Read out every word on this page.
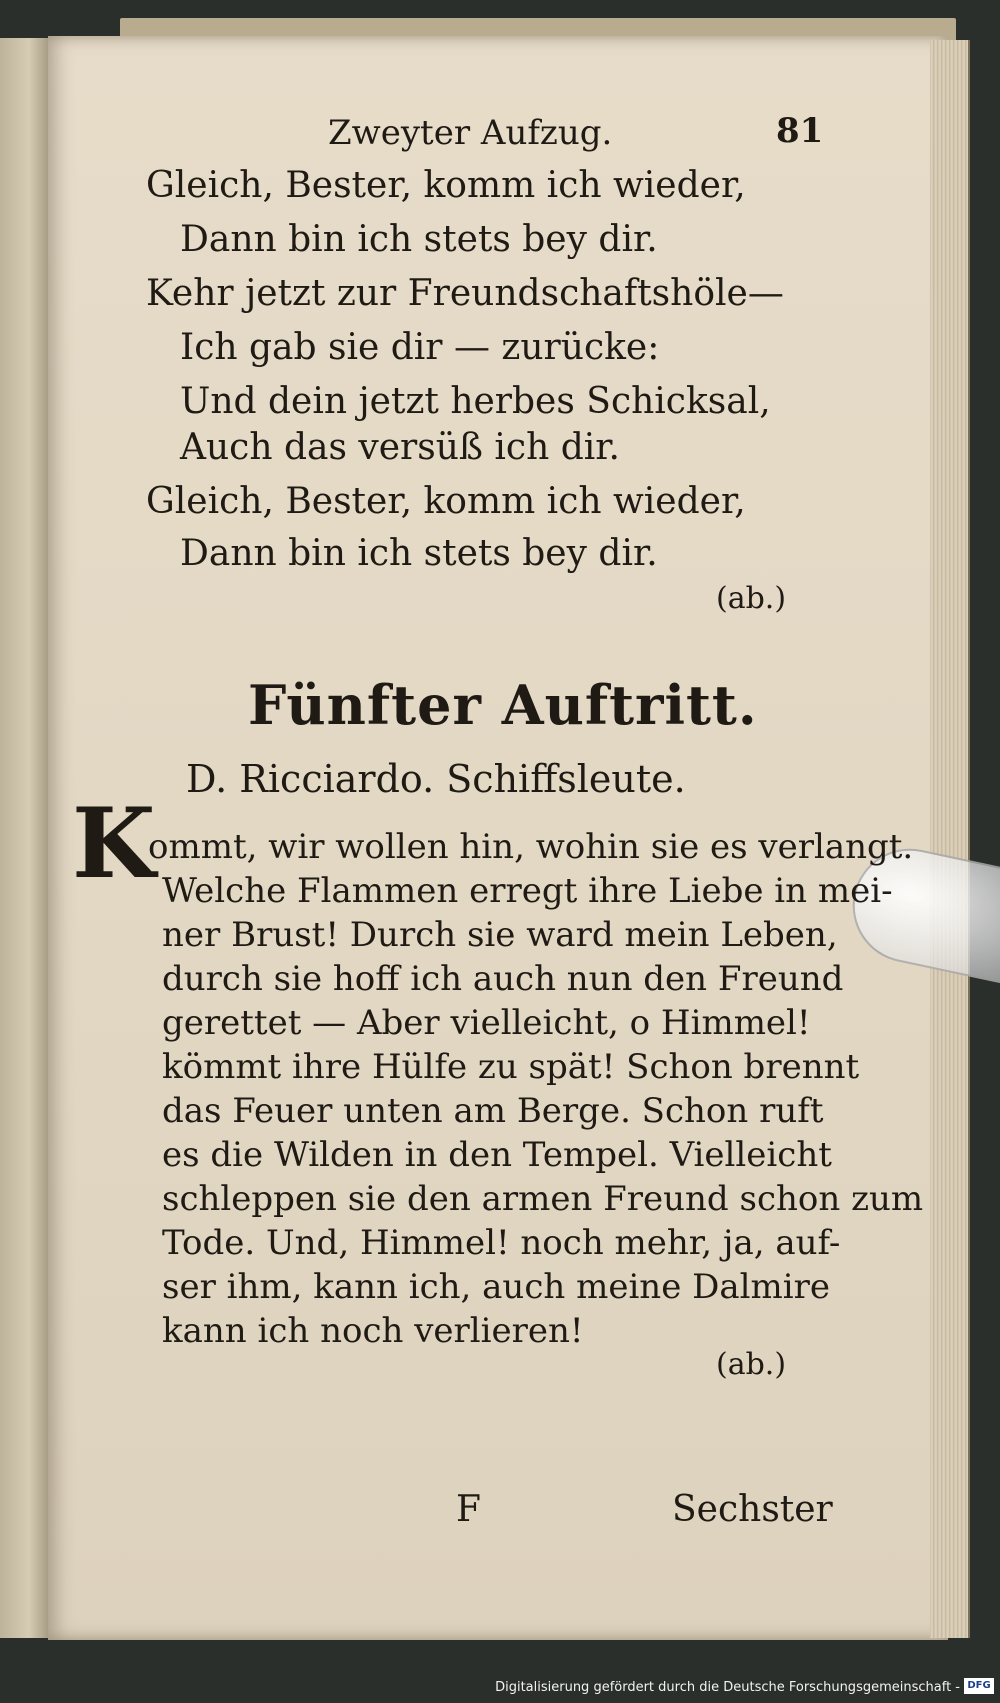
Zweyter Aufzug.	81
Gleich, Bester, komm ich wieder,
Dann bin ich stets bey dir.
Kehr jetzt zur Freundschaftshöle—
Ich gab sie dir — zurücke:
Und dein jetzt herbes Schicksal,
Auch das versüß ich dir.
Gleich, Bester, komm ich wieder,
Dann bin ich stets bey dir.
(ab.)
Fünfter Auftritt.
D. Ricciardo. Schiffsleute.
K
ommt, wir wollen hin, wohin sie es verlangt.
Welche Flammen erregt ihre Liebe in mei-
ner Brust! Durch sie ward mein Leben,
durch sie hoff ich auch nun den Freund
gerettet — Aber vielleicht, o Himmel!
kömmt ihre Hülfe zu spät! Schon brennt
das Feuer unten am Berge. Schon ruft
es die Wilden in den Tempel. Vielleicht
schleppen sie den armen Freund schon zum
Tode. Und, Himmel! noch mehr, ja, auf-
ser ihm, kann ich, auch meine Dalmire
kann ich noch verlieren!
(ab.)
F	Sechster
Digitalisierung gefördert durch die Deutsche Forschungsgemeinschaft - DFG
